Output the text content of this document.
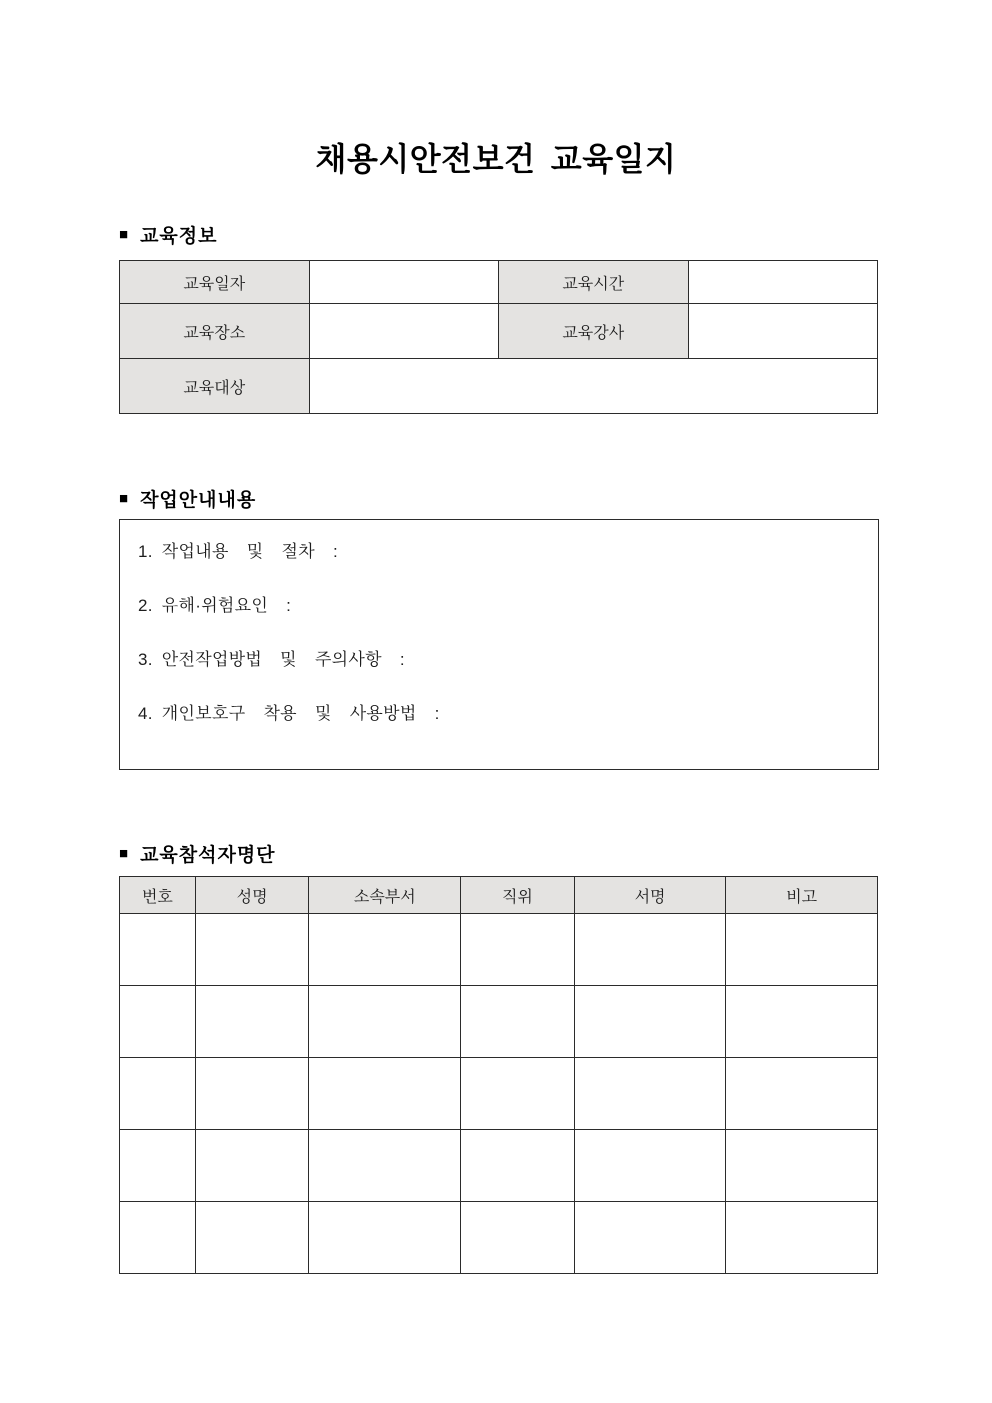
채용시안전보건 교육일지
■ 교육정보
교육일자		교육시간	
교육장소		교육강사	
교육대상			
■ 작업안내내용
1. 작업내용  및  절차  :
2. 유해·위험요인  :
3. 안전작업방법  및  주의사항  :
4. 개인보호구  착용  및  사용방법  :
■ 교육참석자명단
번호	성명	소속부서	직위	서명	비고
